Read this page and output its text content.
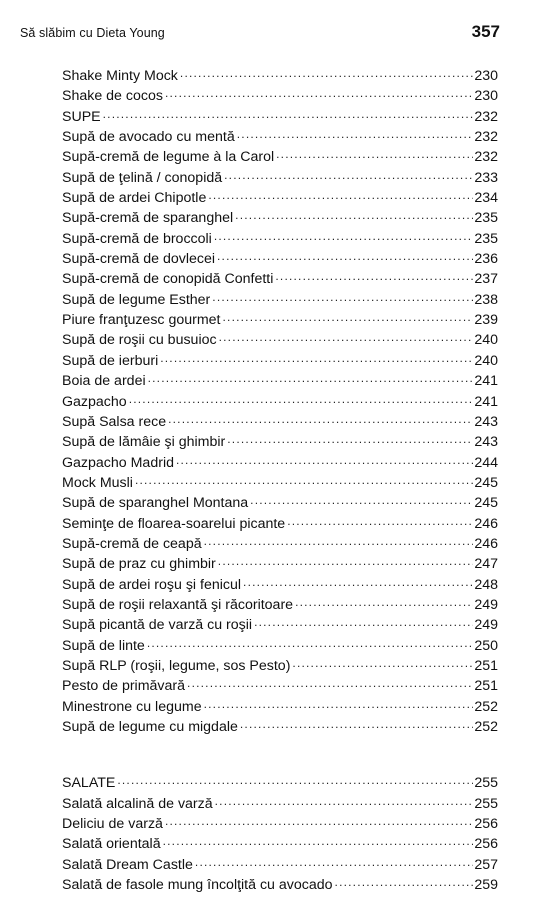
Să slăbim cu Dieta Young	357
Shake Minty Mock .....	230
Shake de cocos .....	230
SUPE .....	232
Supă de avocado cu mentă .....	232
Supă-cremă de legume à la Carol .....	232
Supă de ţelină / conopidă .....	233
Supă de ardei Chipotle .....	234
Supă-cremă de sparanghel .....	235
Supă-cremă de broccoli .....	235
Supă-cremă de dovlecei .....	236
Supă-cremă de conopidă Confetti .....	237
Supă de legume Esther .....	238
Piure franţuzesc gourmet .....	239
Supă de roşii cu busuioc .....	240
Supă de ierburi .....	240
Boia de ardei .....	241
Gazpacho .....	241
Supă Salsa rece .....	243
Supă de lămâie şi ghimbir .....	243
Gazpacho Madrid .....	244
Mock Musli .....	245
Supă de sparanghel Montana .....	245
Seminţe de floarea-soarelui picante .....	246
Supă-cremă de ceapă .....	246
Supă de praz cu ghimbir .....	247
Supă de ardei roşu şi fenicul .....	248
Supă de roşii relaxantă şi răcoritoare .....	249
Supă picantă de varză cu roşii .....	249
Supă de linte .....	250
Supă RLP (roşii, legume, sos Pesto) .....	251
Pesto de primăvară .....	251
Minestrone cu legume .....	252
Supă de legume cu migdale .....	252
SALATE .....	255
Salată alcalină de varză .....	255
Deliciu de varză .....	256
Salată orientală .....	256
Salată Dream Castle .....	257
Salată de fasole mung încolţită cu avocado .....	259
